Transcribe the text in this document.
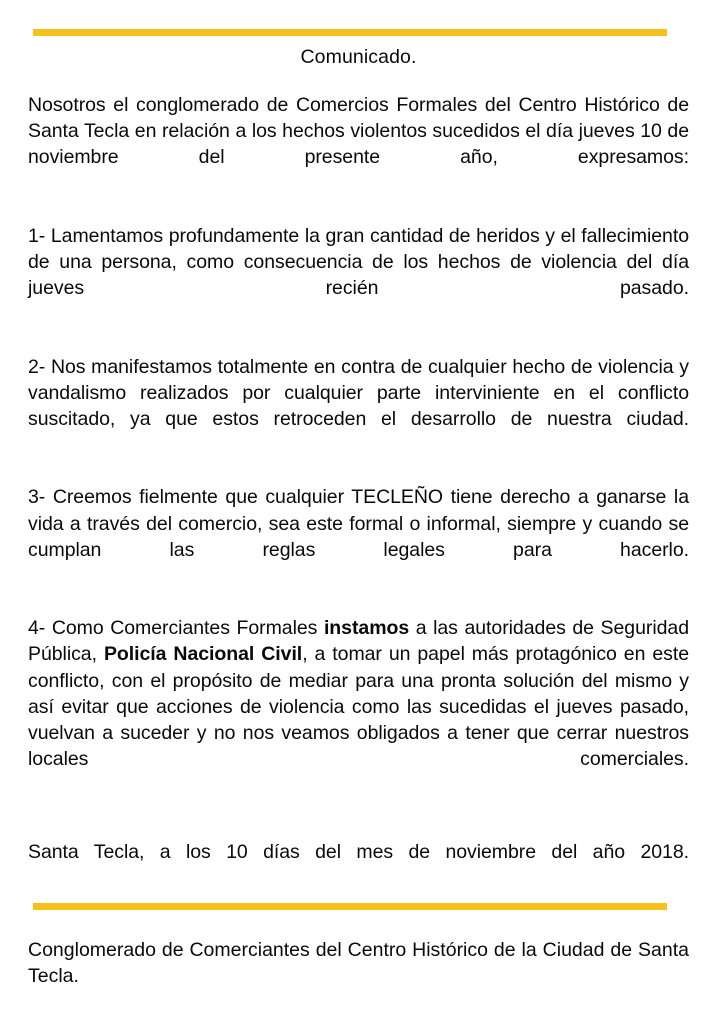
Comunicado.

Nosotros el conglomerado de Comercios Formales del Centro Histórico de Santa Tecla en relación a los hechos violentos sucedidos el día jueves 10 de noviembre del presente año, expresamos:

1- Lamentamos profundamente la gran cantidad de heridos y el fallecimiento de una persona, como consecuencia de los hechos de violencia del día jueves recién pasado.

2- Nos manifestamos totalmente en contra de cualquier hecho de violencia y vandalismo realizados por cualquier parte interviniente en el conflicto suscitado, ya que estos retroceden el desarrollo de nuestra ciudad.

3- Creemos fielmente que cualquier TECLEÑO tiene derecho a ganarse la vida a través del comercio, sea este formal o informal, siempre y cuando se cumplan las reglas legales para hacerlo.

4- Como Comerciantes Formales instamos a las autoridades de Seguridad Pública, Policía Nacional Civil, a tomar un papel más protagónico en este conflicto, con el propósito de mediar para una pronta solución del mismo y así evitar que acciones de violencia como las sucedidas el jueves pasado, vuelvan a suceder y no nos veamos obligados a tener que cerrar nuestros locales comerciales.

Santa Tecla, a los 10 días del mes de noviembre del año 2018.

Conglomerado de Comerciantes del Centro Histórico de la Ciudad de Santa Tecla.
